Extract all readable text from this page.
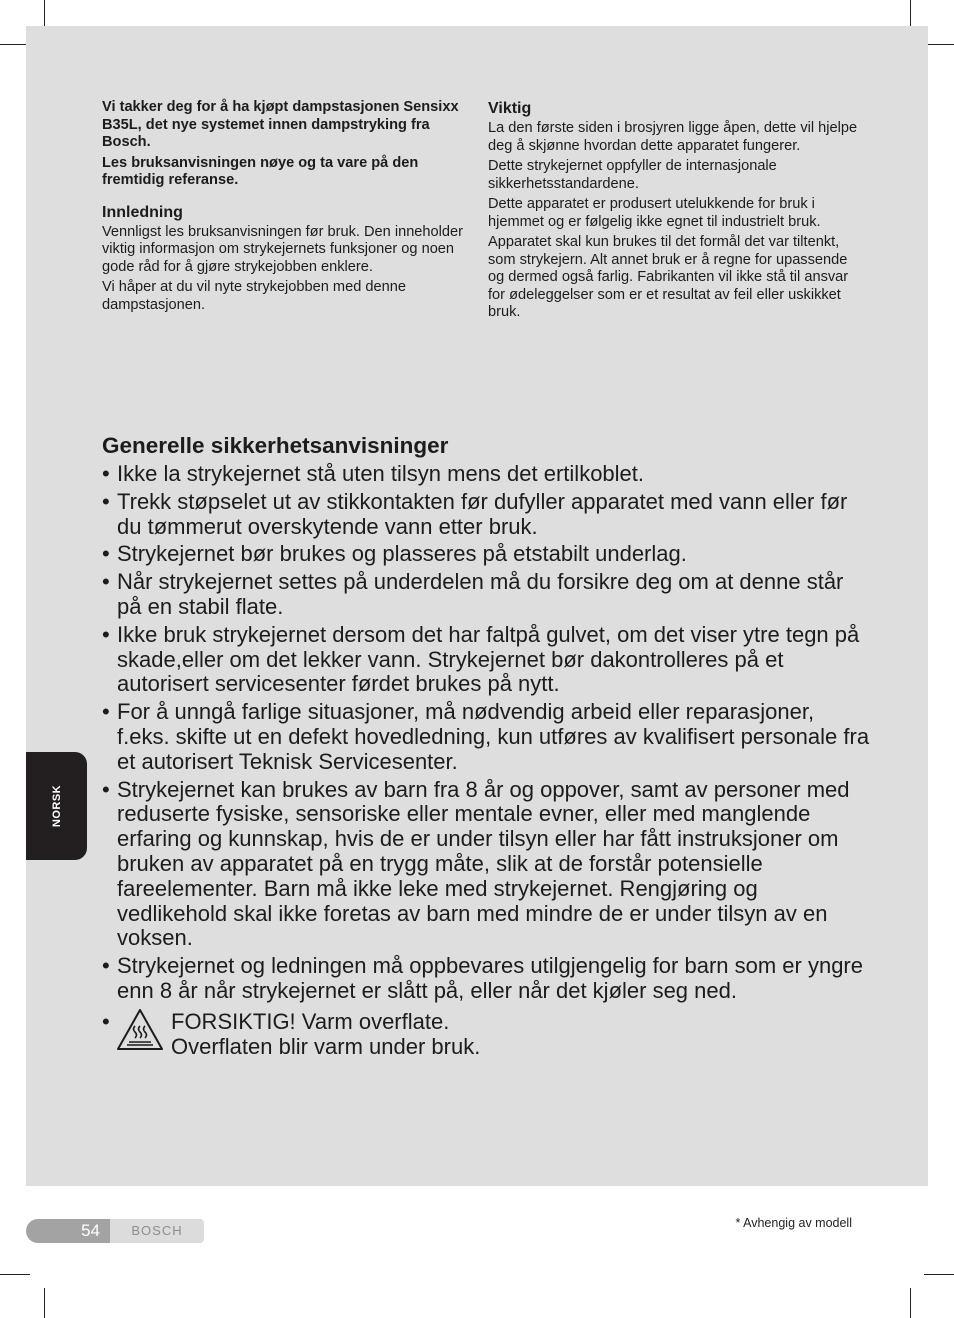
Vi takker deg for å ha kjøpt dampstasjonen Sensixx B35L, det nye systemet innen dampstryking fra Bosch.

Les bruksanvisningen nøye og ta vare på den fremtidig referanse.

Innledning

Vennligst les bruksanvisningen før bruk. Den inneholder viktig informasjon om strykejernets funksjoner og noen gode råd for å gjøre strykejobben enklere.

Vi håper at du vil nyte strykejobben med denne dampstasjonen.

Viktig

La den første siden i brosjyren ligge åpen, dette vil hjelpe deg å skjønne hvordan dette apparatet fungerer.

Dette strykejernet oppfyller de internasjonale sikkerhetsstandardene.

Dette apparatet er produsert utelukkende for bruk i hjemmet og er følgelig ikke egnet til industrielt bruk.

Apparatet skal kun brukes til det formål det var tiltenkt, som strykejern. Alt annet bruk er å regne for upassende og dermed også farlig. Fabrikanten vil ikke stå til ansvar for ødeleggelser som er et resultat av feil eller uskikket bruk.

Generelle sikkerhetsanvisninger
• Ikke la strykejernet stå uten tilsyn mens det ertilkoblet.
• Trekk støpselet ut av stikkontakten før dufyller apparatet med vann eller før du tømmerut overskytende vann etter bruk.
• Strykejernet bør brukes og plasseres på etstabilt underlag.
• Når strykejernet settes på underdelen må du forsikre deg om at denne står på en stabil flate.
• Ikke bruk strykejernet dersom det har faltpå gulvet, om det viser ytre tegn på skade,eller om det lekker vann. Strykejernet bør dakontrolleres på et autorisert servicesenter førdet brukes på nytt.
• For å unngå farlige situasjoner, må nødvendig arbeid eller reparasjoner, f.eks. skifte ut en defekt hovedledning, kun utføres av kvalifisert personale fra et autorisert Teknisk Servicesenter.
• Strykejernet kan brukes av barn fra 8 år og oppover, samt av personer med reduserte fysiske, sensoriske eller mentale evner, eller med manglende erfaring og kunnskap, hvis de er under tilsyn eller har fått instruksjoner om bruken av apparatet på en trygg måte, slik at de forstår potensielle fareelementer. Barn må ikke leke med strykejernet. Rengjøring og vedlikehold skal ikke foretas av barn med mindre de er under tilsyn av en voksen.
• Strykejernet og ledningen må oppbevares utilgjengelig for barn som er yngre enn 8 år når strykejernet er slått på, eller når det kjøler seg ned.
•	FORSIKTIG! Varm overflate.
Overflaten blir varm under bruk.
NORSK
54	BOSCH	* Avhengig av modell
